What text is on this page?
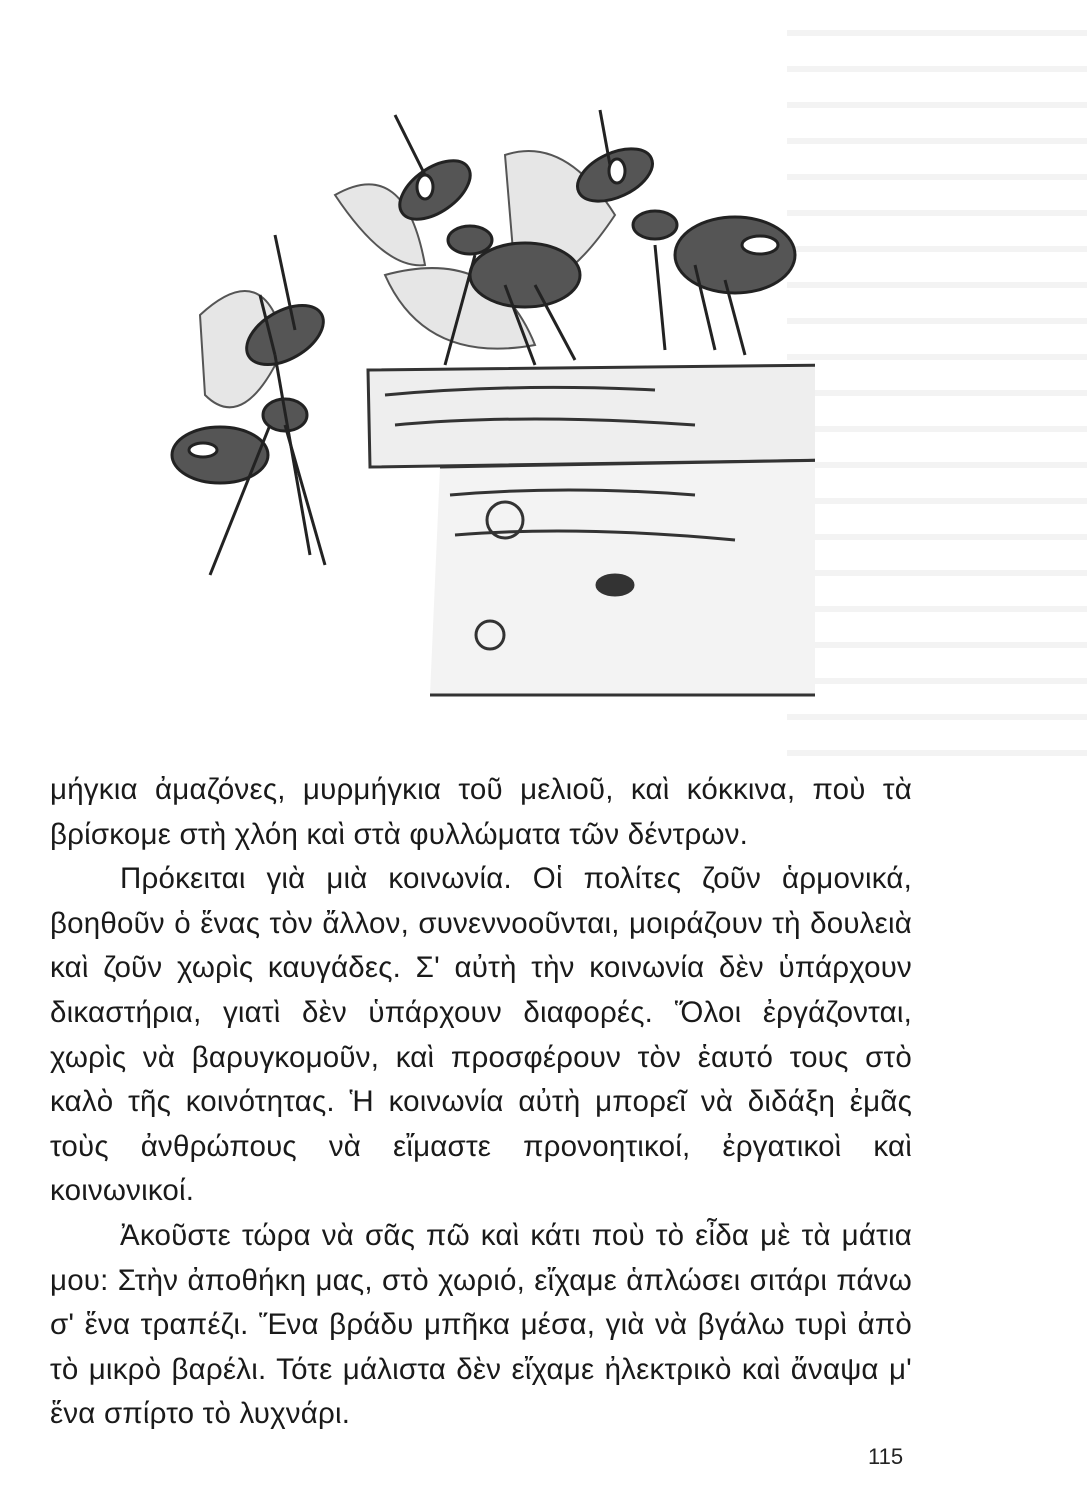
μήγκια ἀμαζόνες, μυρμήγκια τοῦ μελιοῦ, καὶ κόκκινα, ποὺ τὰ βρίσκομε στὴ χλόη καὶ στὰ φυλλώματα τῶν δέντρων.

Πρόκειται γιὰ μιὰ κοινωνία. Οἱ πολίτες ζοῦν ἁρμονικά, βοηθοῦν ὁ ἕνας τὸν ἄλλον, συνεννοοῦνται, μοιράζουν τὴ δουλειὰ καὶ ζοῦν χωρὶς καυγάδες. Σ' αὐτὴ τὴν κοινωνία δὲν ὑπάρχουν δικαστήρια, γιατὶ δὲν ὑπάρχουν διαφορές. Ὅλοι ἐργάζονται, χωρὶς νὰ βαρυγκομοῦν, καὶ προσφέρουν τὸν ἑαυτό τους στὸ καλὸ τῆς κοινότητας. Ἡ κοινωνία αὐτὴ μπορεῖ νὰ διδάξη ἐμᾶς τοὺς ἀνθρώπους νὰ εἴμαστε προνοητικοί, ἐργατικοὶ καὶ κοινωνικοί.

Ἀκοῦστε τώρα νὰ σᾶς πῶ καὶ κάτι ποὺ τὸ εἶδα μὲ τὰ μάτια μου: Στὴν ἀποθήκη μας, στὸ χωριό, εἴχαμε ἁπλώσει σιτάρι πάνω σ' ἕνα τραπέζι. Ἕνα βράδυ μπῆκα μέσα, γιὰ νὰ βγάλω τυρὶ ἀπὸ τὸ μικρὸ βαρέλι. Τότε μάλιστα δὲν εἴχαμε ἠλεκτρικὸ καὶ ἄναψα μ' ἕνα σπίρτο τὸ λυχνάρι.

115
